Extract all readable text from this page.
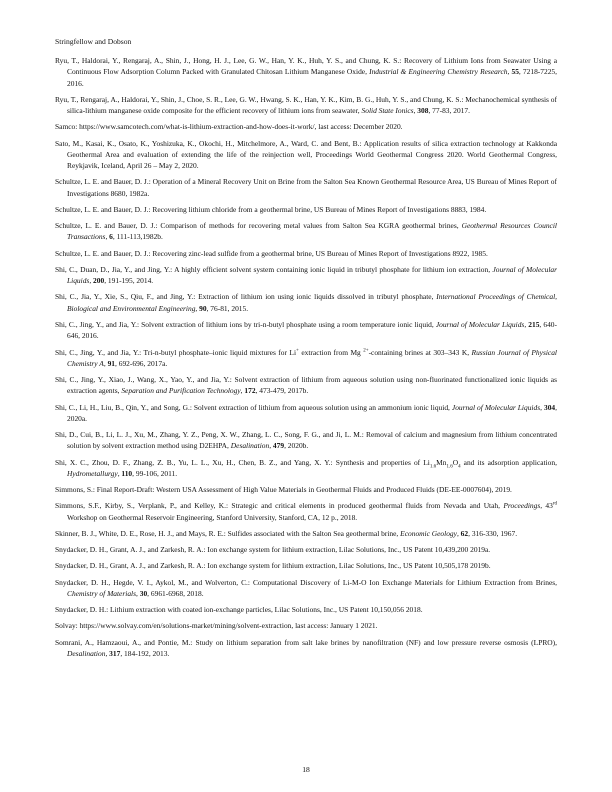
Stringfellow and Dobson
Ryu, T., Haldorai, Y., Rengaraj, A., Shin, J., Hong, H. J., Lee, G. W., Han, Y. K., Huh, Y. S., and Chung, K. S.: Recovery of Lithium Ions from Seawater Using a Continuous Flow Adsorption Column Packed with Granulated Chitosan Lithium Manganese Oxide, Industrial & Engineering Chemistry Research, 55, 7218-7225, 2016.
Ryu, T., Rengaraj, A., Haldorai, Y., Shin, J., Choe, S. R., Lee, G. W., Hwang, S. K., Han, Y. K., Kim, B. G., Huh, Y. S., and Chung, K. S.: Mechanochemical synthesis of silica-lithium manganese oxide composite for the efficient recovery of lithium ions from seawater, Solid State Ionics, 308, 77-83, 2017.
Samco: https://www.samcotech.com/what-is-lithium-extraction-and-how-does-it-work/, last access: December 2020.
Sato, M., Kasai, K., Osato, K., Yoshizuka, K., Okochi, H., Mitchelmore, A., Ward, C. and Bent, B.: Application results of silica extraction technology at Kakkonda Geothermal Area and evaluation of extending the life of the reinjection well, Proceedings World Geothermal Congress 2020. World Geothermal Congress, Reykjavik, Iceland, April 26 – May 2, 2020.
Schultze, L. E. and Bauer, D. J.: Operation of a Mineral Recovery Unit on Brine from the Salton Sea Known Geothermal Resource Area, US Bureau of Mines Report of Investigations 8680, 1982a.
Schultze, L. E. and Bauer, D. J.: Recovering lithium chloride from a geothermal brine, US Bureau of Mines Report of Investigations 8883, 1984.
Schultze, L. E. and Bauer, D. J.: Comparison of methods for recovering metal values from Salton Sea KGRA geothermal brines, Geothermal Resources Council Transactions, 6, 111-113,1982b.
Schultze, L. E. and Bauer, D. J.: Recovering zinc-lead sulfide from a geothermal brine, US Bureau of Mines Report of Investigations 8922, 1985.
Shi, C., Duan, D., Jia, Y., and Jing, Y.: A highly efficient solvent system containing ionic liquid in tributyl phosphate for lithium ion extraction, Journal of Molecular Liquids, 200, 191-195, 2014.
Shi, C., Jia, Y., Xie, S., Qiu, F., and Jing, Y.: Extraction of lithium ion using ionic liquids dissolved in tributyl phosphate, International Proceedings of Chemical, Biological and Environmental Engineering, 90, 76-81, 2015.
Shi, C., Jing, Y., and Jia, Y.: Solvent extraction of lithium ions by tri-n-butyl phosphate using a room temperature ionic liquid, Journal of Molecular Liquids, 215, 640-646, 2016.
Shi, C., Jing, Y., and Jia, Y.: Tri-n-butyl phosphate–ionic liquid mixtures for Li+ extraction from Mg $^{2+}$-containing brines at 303–343 K, Russian Journal of Physical Chemistry A, 91, 692-696, 2017a.
Shi, C., Jing, Y., Xiao, J., Wang, X., Yao, Y., and Jia, Y.: Solvent extraction of lithium from aqueous solution using non-fluorinated functionalized ionic liquids as extraction agents, Separation and Purification Technology, 172, 473-479, 2017b.
Shi, C., Li, H., Liu, B., Qin, Y., and Song, G.: Solvent extraction of lithium from aqueous solution using an ammonium ionic liquid, Journal of Molecular Liquids, 304, 2020a.
Shi, D., Cui, B., Li, L. J., Xu, M., Zhang, Y. Z., Peng, X. W., Zhang, L. C., Song, F. G., and Ji, L. M.: Removal of calcium and magnesium from lithium concentrated solution by solvent extraction method using D2EHPA, Desalination, 479, 2020b.
Shi, X. C., Zhou, D. F., Zhang, Z. B., Yu, L. L., Xu, H., Chen, B. Z., and Yang, X. Y.: Synthesis and properties of $Li_{1.6}Mn_{1.6}O_4$ and its adsorption application, Hydrometallurgy, 110, 99-106, 2011.
Simmons, S.: Final Report-Draft: Western USA Assessment of High Value Materials in Geothermal Fluids and Produced Fluids (DE-EE-0007604), 2019.
Simmons, S.F., Kirby, S., Verplank, P., and Kelley, K.: Strategic and critical elements in produced geothermal fluids from Nevada and Utah, Proceedings, 43rd Workshop on Geothermal Reservoir Engineering, Stanford University, Stanford, CA, 12 p., 2018.
Skinner, B. J., White, D. E., Rose, H. J., and Mays, R. E.: Sulfides associated with the Salton Sea geothermal brine, Economic Geology, 62, 316-330, 1967.
Snydacker, D. H., Grant, A. J., and Zarkesh, R. A.: Ion exchange system for lithium extraction, Lilac Solutions, Inc., US Patent 10,439,200 2019a.
Snydacker, D. H., Grant, A. J., and Zarkesh, R. A.: Ion exchange system for lithium extraction, Lilac Solutions, Inc., US Patent 10,505,178 2019b.
Snydacker, D. H., Hegde, V. I., Aykol, M., and Wolverton, C.: Computational Discovery of Li-M-O Ion Exchange Materials for Lithium Extraction from Brines, Chemistry of Materials, 30, 6961-6968, 2018.
Snydacker, D. H.: Lithium extraction with coated ion-exchange particles, Lilac Solutions, Inc., US Patent 10,150,056 2018.
Solvay: https://www.solvay.com/en/solutions-market/mining/solvent-extraction, last access: January 1 2021.
Somrani, A., Hamzaoui, A., and Pontie, M.: Study on lithium separation from salt lake brines by nanofiltration (NF) and low pressure reverse osmosis (LPRO), Desalination, 317, 184-192, 2013.
18
